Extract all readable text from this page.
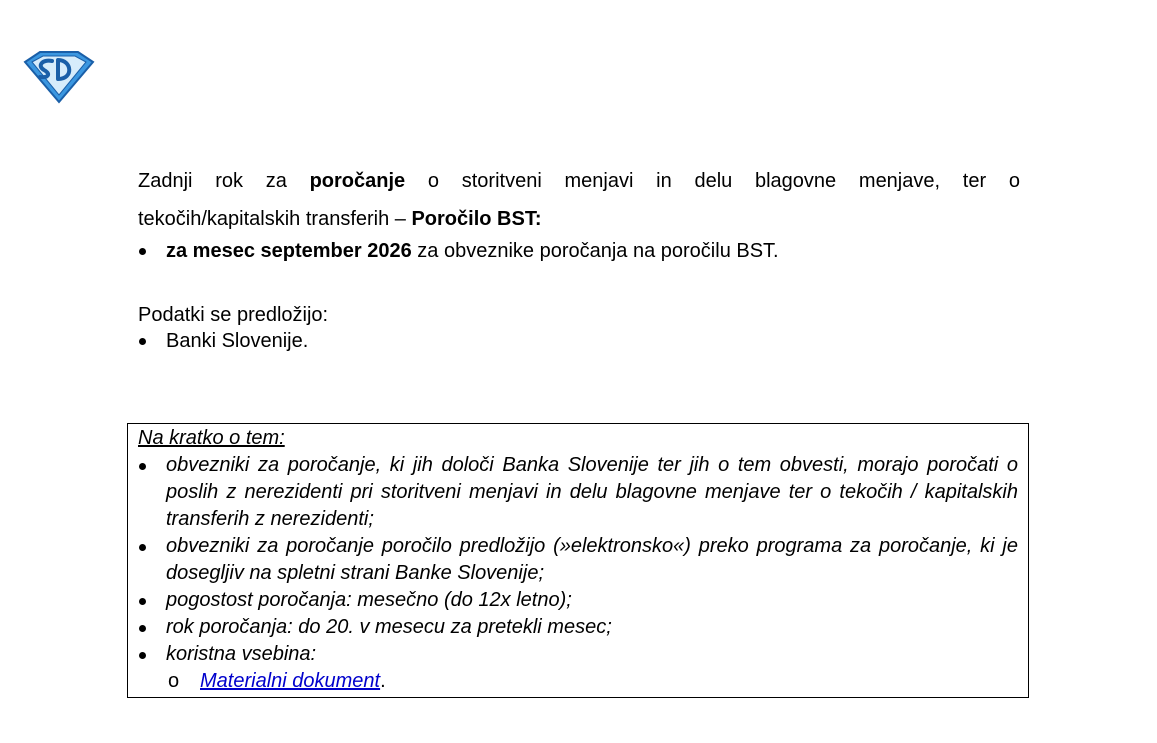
Zadnji rok za poročanje o storitveni menjavi in delu blagovne menjave, ter o
tekočih/kapitalskih transferih – Poročilo BST:

za mesec september 2026 za obveznike poročanja na poročilu BST.
Podatki se predložijo:
Banki Slovenije.
Na kratko o tem:
obvezniki za poročanje, ki jih določi Banka Slovenije ter jih o tem obvesti, morajo poročati o poslih z nerezidenti pri storitveni menjavi in delu blagovne menjave ter o tekočih / kapitalskih transferih z nerezidenti;
obvezniki za poročanje poročilo predložijo (»elektronsko«) preko programa za poročanje, ki je dosegljiv na spletni strani Banke Slovenije;
pogostost poročanja: mesečno (do 12x letno);
rok poročanja: do 20. v mesecu za pretekli mesec;
koristna vsebina:
o Materialni dokument.
